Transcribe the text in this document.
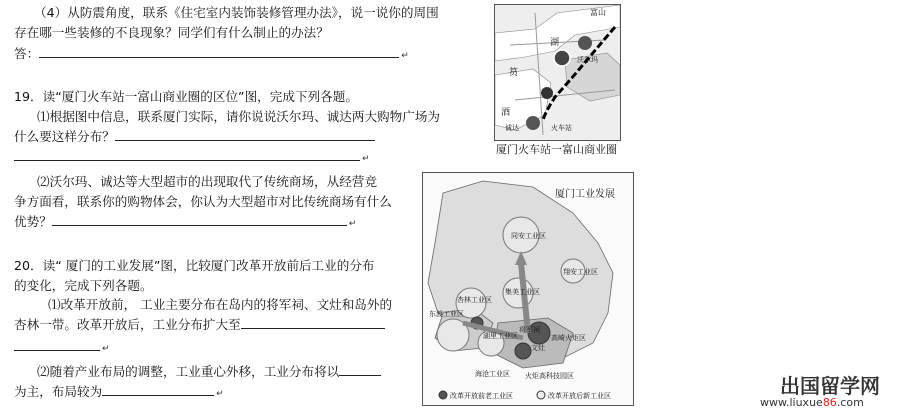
（4）从防震角度，联系《住宅室内装饰装修管理办法》，说一说你的周围
存在哪一些装修的不良现象？同学们有什么制止的办法？
答：	↵
19．读“厦门火车站一富山商业圈的区位”图，完成下列各题。
⑴根据图中信息，联系厦门实际，请你说说沃尔玛、诚达两大购物广场为
什么要这样分布？
↵
⑵沃尔玛、诚达等大型超市的出现取代了传统商场，从经营竞
争方面看，联系你的购物体会，你认为大型超市对比传统商场有什么
优势？	↵
20．读“ 厦门的工业发展”图，比较厦门改革开放前后工业的分布
的变化，完成下列各题。
⑴改革开放前， 工业主要分布在岛内的将军祠、文灶和岛外的
杏林一带。改革开放后，工业分布扩大至
↵
⑵随着产业布局的调整，工业重心外移，工业分布将以
为主，布局较为	↵
富山
沃尔玛
湖
筼
酒
诚达	火车站
厦门火车站一富山商业圈
厦门工业发展
同安工业区
集美工业区
杏林工业区
海沧工业区
湖里工业区
东渡工业区
火炬高科技园区
将军祠
文灶
高崎火炬区
翔安工业区
改革开放前老工业区	改革开放后新工业区	出国留学网
www.liuxue86.com
